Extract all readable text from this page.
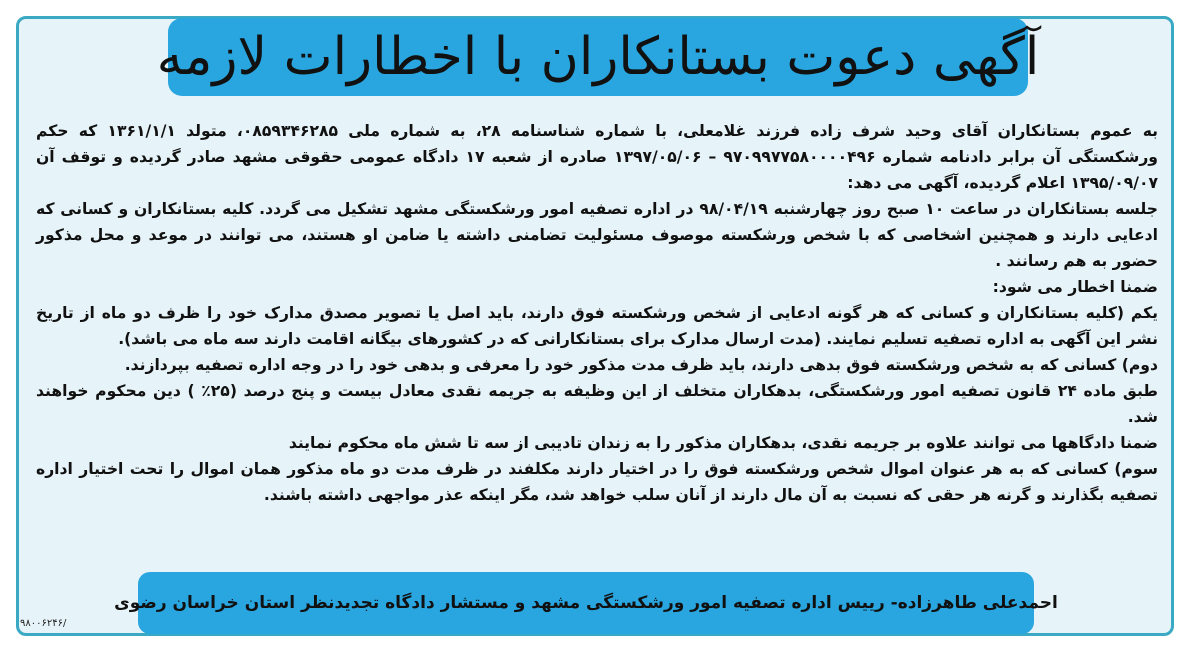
آگهی دعوت بستانکاران با اخطارات لازمه

به عموم بستانکاران آقای وحید شرف زاده فرزند غلامعلی، با شماره شناسنامه ۲۸، به شماره ملی ۰۸۵۹۳۴۶۲۸۵، متولد ۱۳۶۱/۱/۱ که حکم ورشکستگی آن برابر دادنامه شماره ۹۷۰۹۹۷۷۵۸۰۰۰۰۴۹۶ – ۱۳۹۷/۰۵/۰۶ صادره از شعبه ۱۷ دادگاه عمومی حقوقی مشهد صادر گردیده و توقف آن ۱۳۹۵/۰۹/۰۷ اعلام گردیده، آگهی می دهد:

جلسه بستانکاران در ساعت ۱۰ صبح روز چهارشنبه ۹۸/۰۴/۱۹ در اداره تصفیه امور ورشکستگی مشهد تشکیل می گردد. کلیه بستانکاران و کسانی که ادعایی دارند و همچنین اشخاصی که با شخص ورشکسته موصوف مسئولیت تضامنی داشته یا ضامن او هستند، می توانند در موعد و محل مذکور حضور به هم رسانند .

ضمنا اخطار می شود:

یکم (کلیه بستانکاران و کسانی که هر گونه ادعایی از شخص ورشکسته فوق دارند، باید اصل یا تصویر مصدق مدارک خود را ظرف دو ماه از تاریخ نشر این آگهی به اداره تصفیه تسلیم نمایند. (مدت ارسال مدارک برای بستانکارانی که در کشورهای بیگانه اقامت دارند سه ماه می باشد).

دوم) کسانی که به شخص ورشکسته فوق بدهی دارند، باید ظرف مدت مذکور خود را معرفی و بدهی خود را در وجه اداره تصفیه بپردازند.

طبق ماده ۲۴ قانون تصفیه امور ورشکستگی، بدهکاران متخلف از این وظیفه به جریمه نقدی معادل بیست و پنج درصد (۲۵٪ ) دین محکوم خواهند شد.

ضمنا دادگاهها می توانند علاوه بر جریمه نقدی، بدهکاران مذکور را به زندان تادیبی از سه تا شش ماه محکوم نمایند

سوم) کسانی که به هر عنوان اموال شخص ورشکسته فوق را در اختیار دارند مکلفند در ظرف مدت دو ماه مذکور همان اموال را تحت اختیار اداره تصفیه بگذارند و گرنه هر حقی که نسبت به آن مال دارند از آنان سلب خواهد شد، مگر اینکه عذر مواجهی داشته باشند.

احمدعلی طاهرزاده- رییس اداره تصفیه امور ورشکستگی مشهد و مستشار دادگاه تجدیدنظر استان خراسان رضوی
/۹۸۰۰۶۲۴۶
